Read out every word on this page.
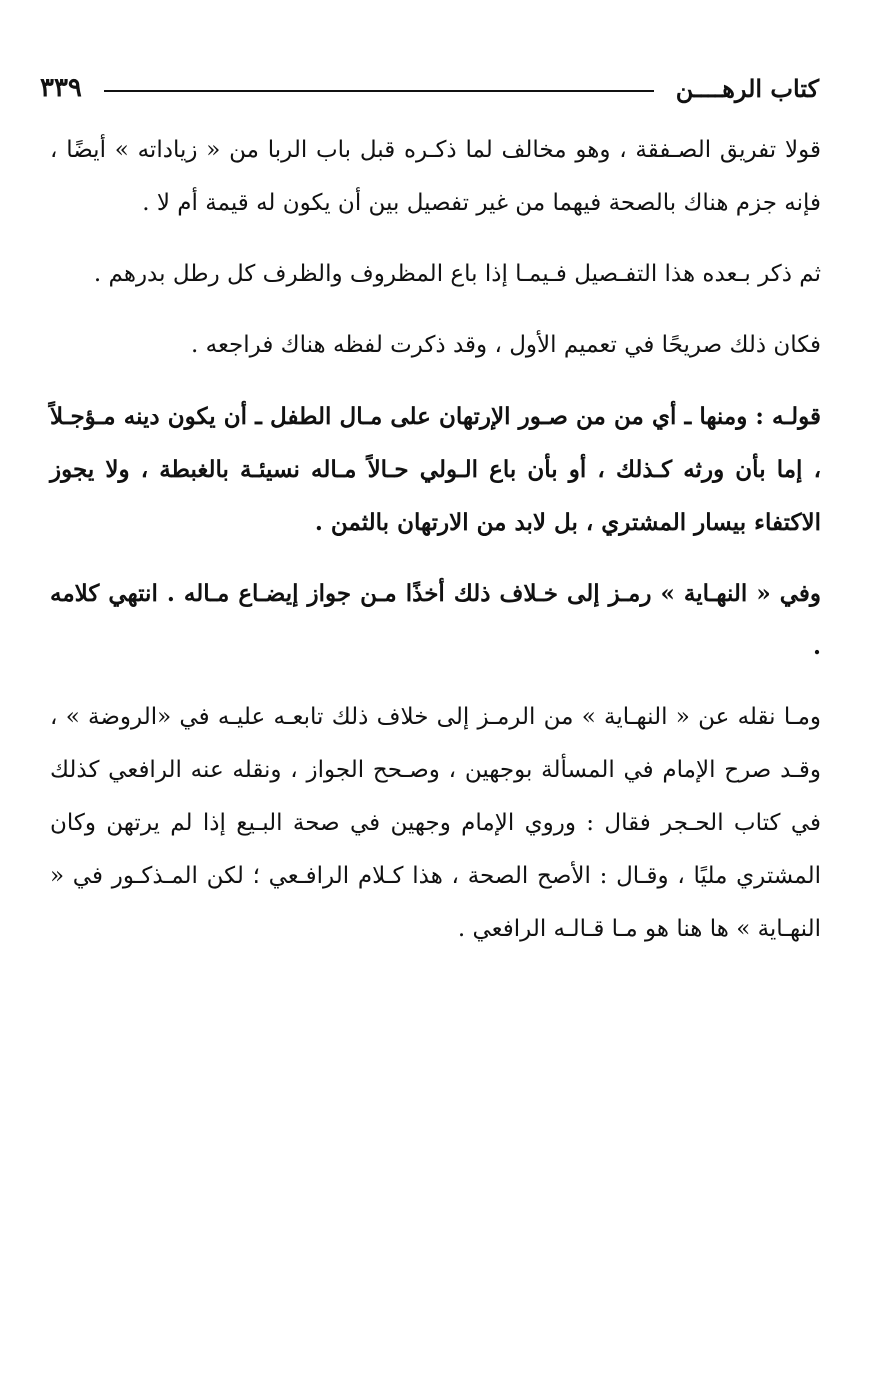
كتاب الرهــــن
٣٣٩

قولا تفريق الصـفقة ، وهو مخالف لما ذكـره قبل باب الربا من « زياداته » أيضًا ، فإنه جزم هناك بالصحة فيهما من غير تفصيل بين أن يكون له قيمة أم لا .

ثم ذكر بـعده هذا التفـصيل فـيمـا إذا باع المظروف والظرف كل رطل بدرهم .

فكان ذلك صريحًا في تعميم الأول ، وقد ذكرت لفظه هناك فراجعه .

قولـه : ومنها ـ أي من من صـور الإرتهان على مـال الطفل ـ أن يكون دينه مـؤجـلاً ، إما بأن ورثه كـذلك ، أو بأن باع الـولي حـالاً مـاله نسيئـة بالغبطة ، ولا يجوز الاكتفاء بيسار المشتري ، بل لابد من الارتهان بالثمن .

وفي « النهـاية » رمـز إلى خـلاف ذلك أخذًا مـن جواز إيضـاع مـاله . انتهي كلامه .

ومـا نقله عن « النهـاية » من الرمـز إلى خلاف ذلك تابعـه عليـه في «الروضة » ، وقـد صرح الإمام في المسألة بوجهين ، وصـحح الجواز ، ونقله عنه الرافعي كذلك في كتاب الحـجر فقال : وروي الإمام وجهين في صحة البـيع إذا لم يرتهن وكان المشتري مليًا ، وقـال : الأصح الصحة ، هذا كـلام الرافـعي ؛ لكن المـذكـور في « النهـاية » ها هنا هو مـا قـالـه الرافعي .
